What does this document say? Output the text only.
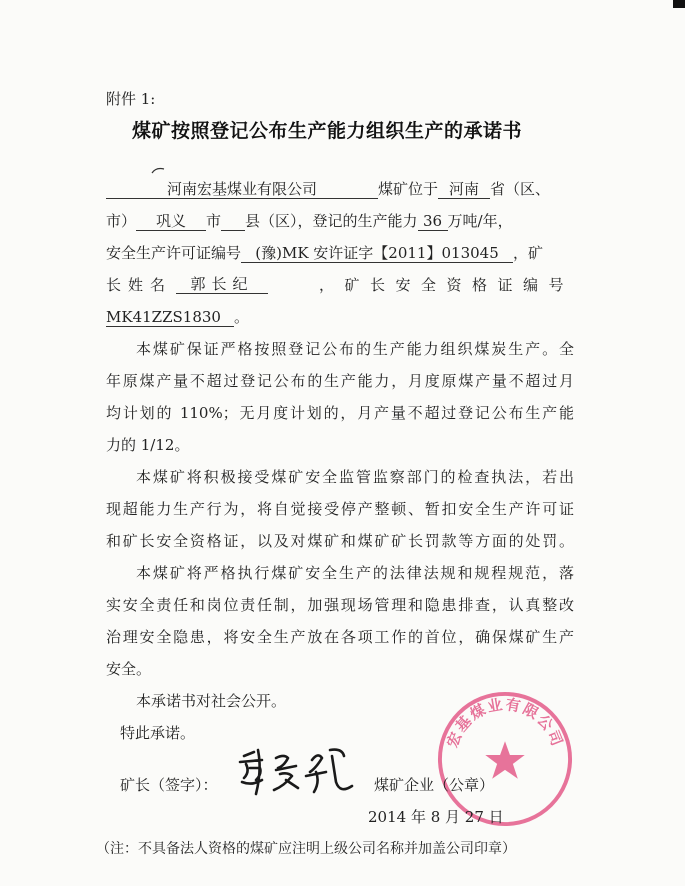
附件 1:
煤矿按照登记公布生产能力组织生产的承诺书
河南宏基煤业有限公司	煤矿位于 河南 省（区、
市） 巩义 市 县（区），登记的生产能力 36 万吨/年，
安全生产许可证编号 (豫)MK 安许证字【2011】013045 ，矿
长姓名	郭长纪	，矿长安全资格证编号
MK41ZZS1830 。
本煤矿保证严格按照登记公布的生产能力组织煤炭生产。全
年原煤产量不超过登记公布的生产能力，月度原煤产量不超过月
均计划的 110%；无月度计划的，月产量不超过登记公布生产能
力的 1/12。
本煤矿将积极接受煤矿安全监管监察部门的检查执法，若出
现超能力生产行为，将自觉接受停产整顿、暂扣安全生产许可证
和矿长安全资格证，以及对煤矿和煤矿矿长罚款等方面的处罚。
本煤矿将严格执行煤矿安全生产的法律法规和规程规范，落
实安全责任和岗位责任制，加强现场管理和隐患排查，认真整改
治理安全隐患，将安全生产放在各项工作的首位，确保煤矿生产
安全。
本承诺书对社会公开。
特此承诺。	宏基煤业有限公司
矿长（签字）：	煤矿企业（公章）
2014 年 8 月 27 日
（注：不具备法人资格的煤矿应注明上级公司名称并加盖公司印章）
